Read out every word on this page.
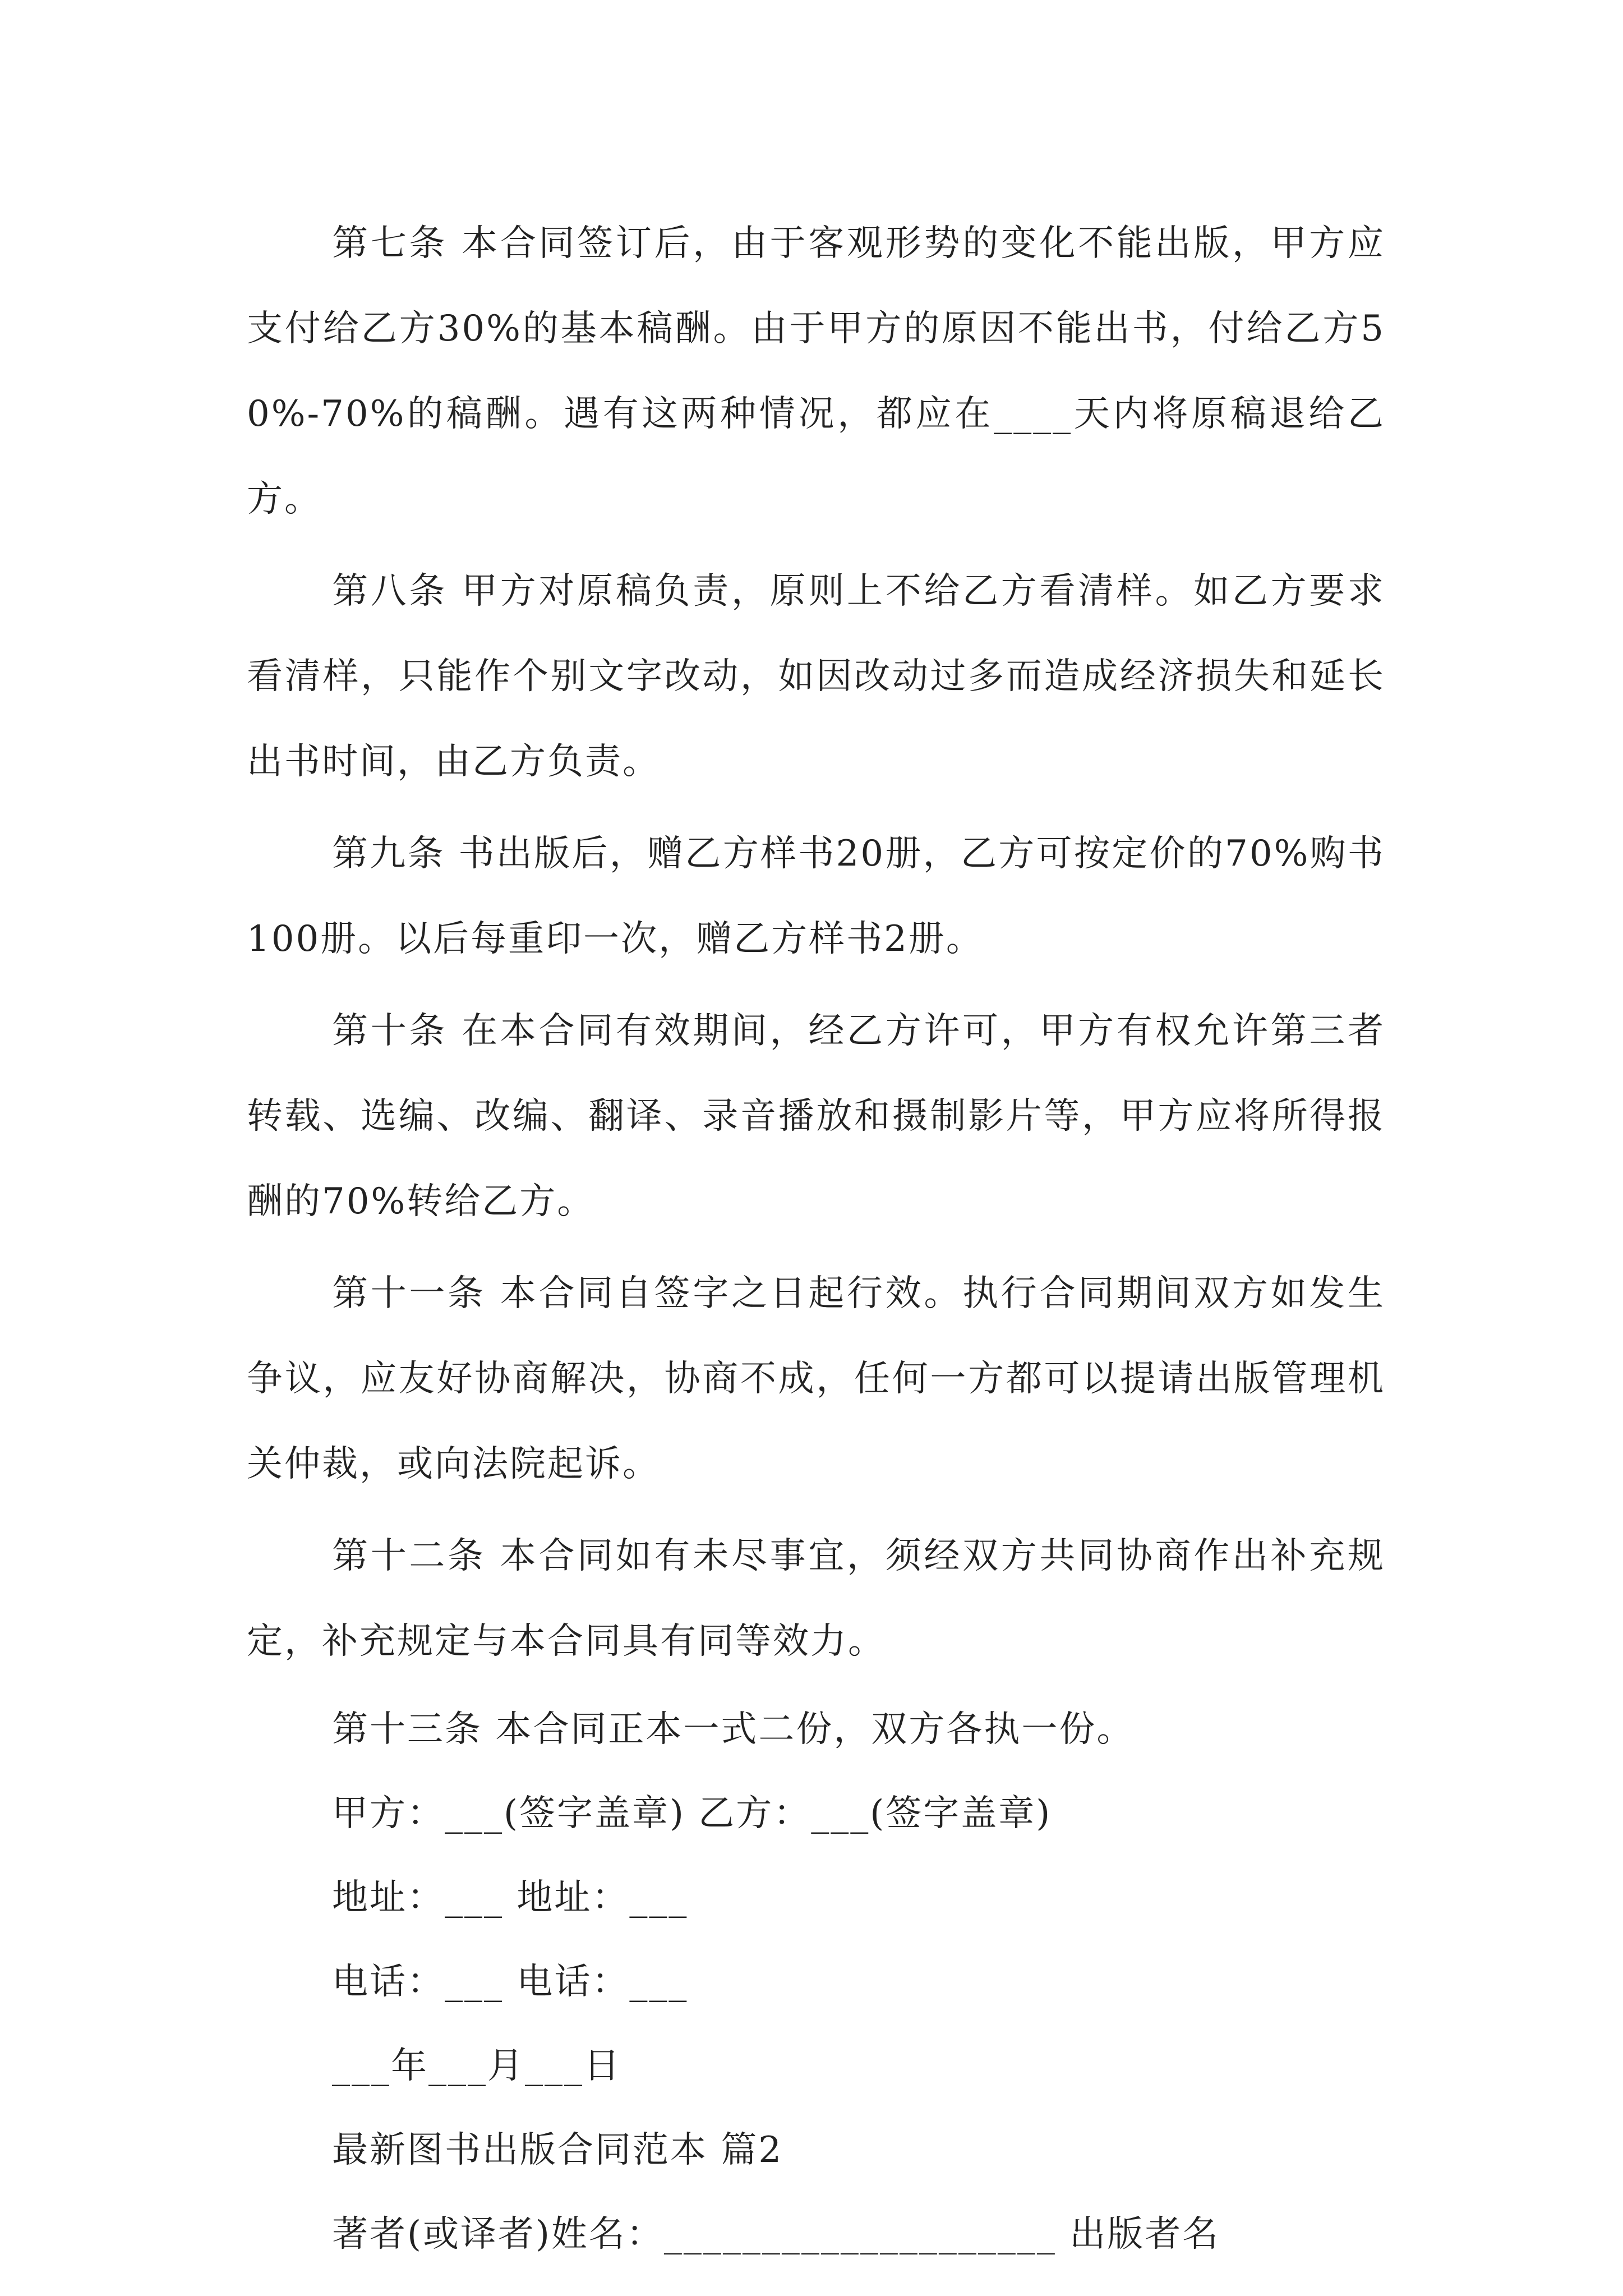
第七条 本合同签订后，由于客观形势的变化不能出版，甲方应支付给乙方30%的基本稿酬。由于甲方的原因不能出书，付给乙方50%-70%的稿酬。遇有这两种情况，都应在____天内将原稿退给乙方。

第八条 甲方对原稿负责，原则上不给乙方看清样。如乙方要求看清样，只能作个别文字改动，如因改动过多而造成经济损失和延长出书时间，由乙方负责。

第九条 书出版后，赠乙方样书20册，乙方可按定价的70%购书100册。以后每重印一次，赠乙方样书2册。

第十条 在本合同有效期间，经乙方许可，甲方有权允许第三者转载、选编、改编、翻译、录音播放和摄制影片等，甲方应将所得报酬的70%转给乙方。

第十一条 本合同自签字之日起行效。执行合同期间双方如发生争议，应友好协商解决，协商不成，任何一方都可以提请出版管理机关仲裁，或向法院起诉。

第十二条 本合同如有未尽事宜，须经双方共同协商作出补充规定，补充规定与本合同具有同等效力。

第十三条 本合同正本一式二份，双方各执一份。
甲方：___(签字盖章) 乙方：___(签字盖章)
地址：___ 地址：___
电话：___ 电话：___
___年___月___日
最新图书出版合同范本 篇2
著者(或译者)姓名：____________________ 出版者名
